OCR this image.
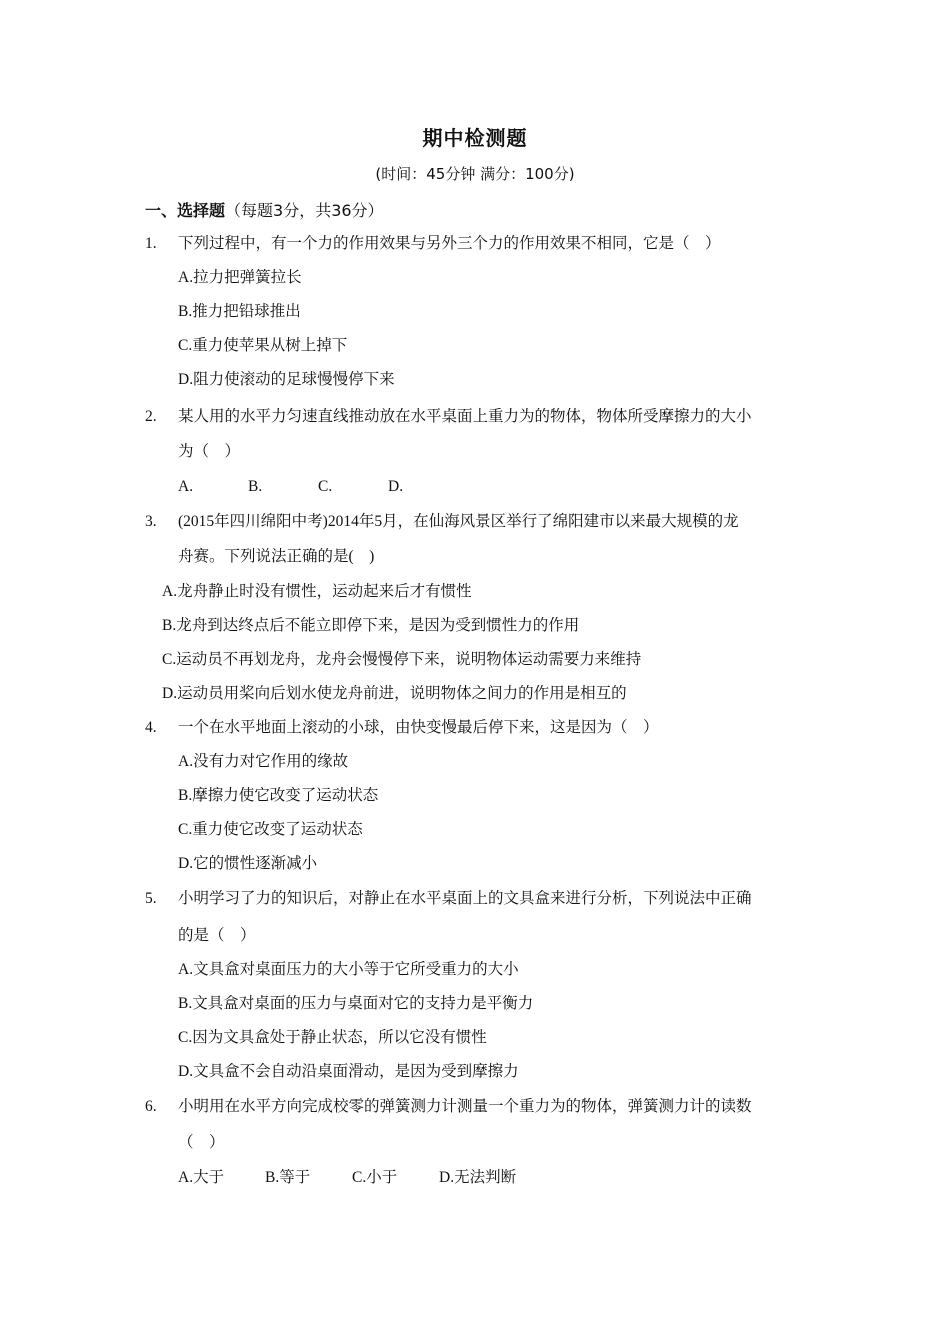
期中检测题
(时间：45分钟 满分：100分)
一、选择题（每题3分，共36分）
1.	下列过程中，有一个力的作用效果与另外三个力的作用效果不相同，它是（　）
A.拉力把弹簧拉长
B.推力把铅球推出
C.重力使苹果从树上掉下
D.阻力使滚动的足球慢慢停下来
2.	某人用的水平力匀速直线推动放在水平桌面上重力为的物体，物体所受摩擦力的大小
为（　）
A.	B.	C.	D.
3.	(2015年四川绵阳中考)2014年5月，在仙海风景区举行了绵阳建市以来最大规模的龙
舟赛。下列说法正确的是(　)
A.龙舟静止时没有惯性，运动起来后才有惯性
B.龙舟到达终点后不能立即停下来，是因为受到惯性力的作用
C.运动员不再划龙舟，龙舟会慢慢停下来，说明物体运动需要力来维持
D.运动员用桨向后划水使龙舟前进，说明物体之间力的作用是相互的
4.	一个在水平地面上滚动的小球，由快变慢最后停下来，这是因为（　）
A.没有力对它作用的缘故
B.摩擦力使它改变了运动状态
C.重力使它改变了运动状态
D.它的惯性逐渐减小
5.	小明学习了力的知识后，对静止在水平桌面上的文具盒来进行分析，下列说法中正确
的是（　）
A.文具盒对桌面压力的大小等于它所受重力的大小
B.文具盒对桌面的压力与桌面对它的支持力是平衡力
C.因为文具盒处于静止状态，所以它没有惯性
D.文具盒不会自动沿桌面滑动，是因为受到摩擦力
6.	小明用在水平方向完成校零的弹簧测力计测量一个重力为的物体，弹簧测力计的读数
（　）
A.大于	B.等于	C.小于	D.无法判断
